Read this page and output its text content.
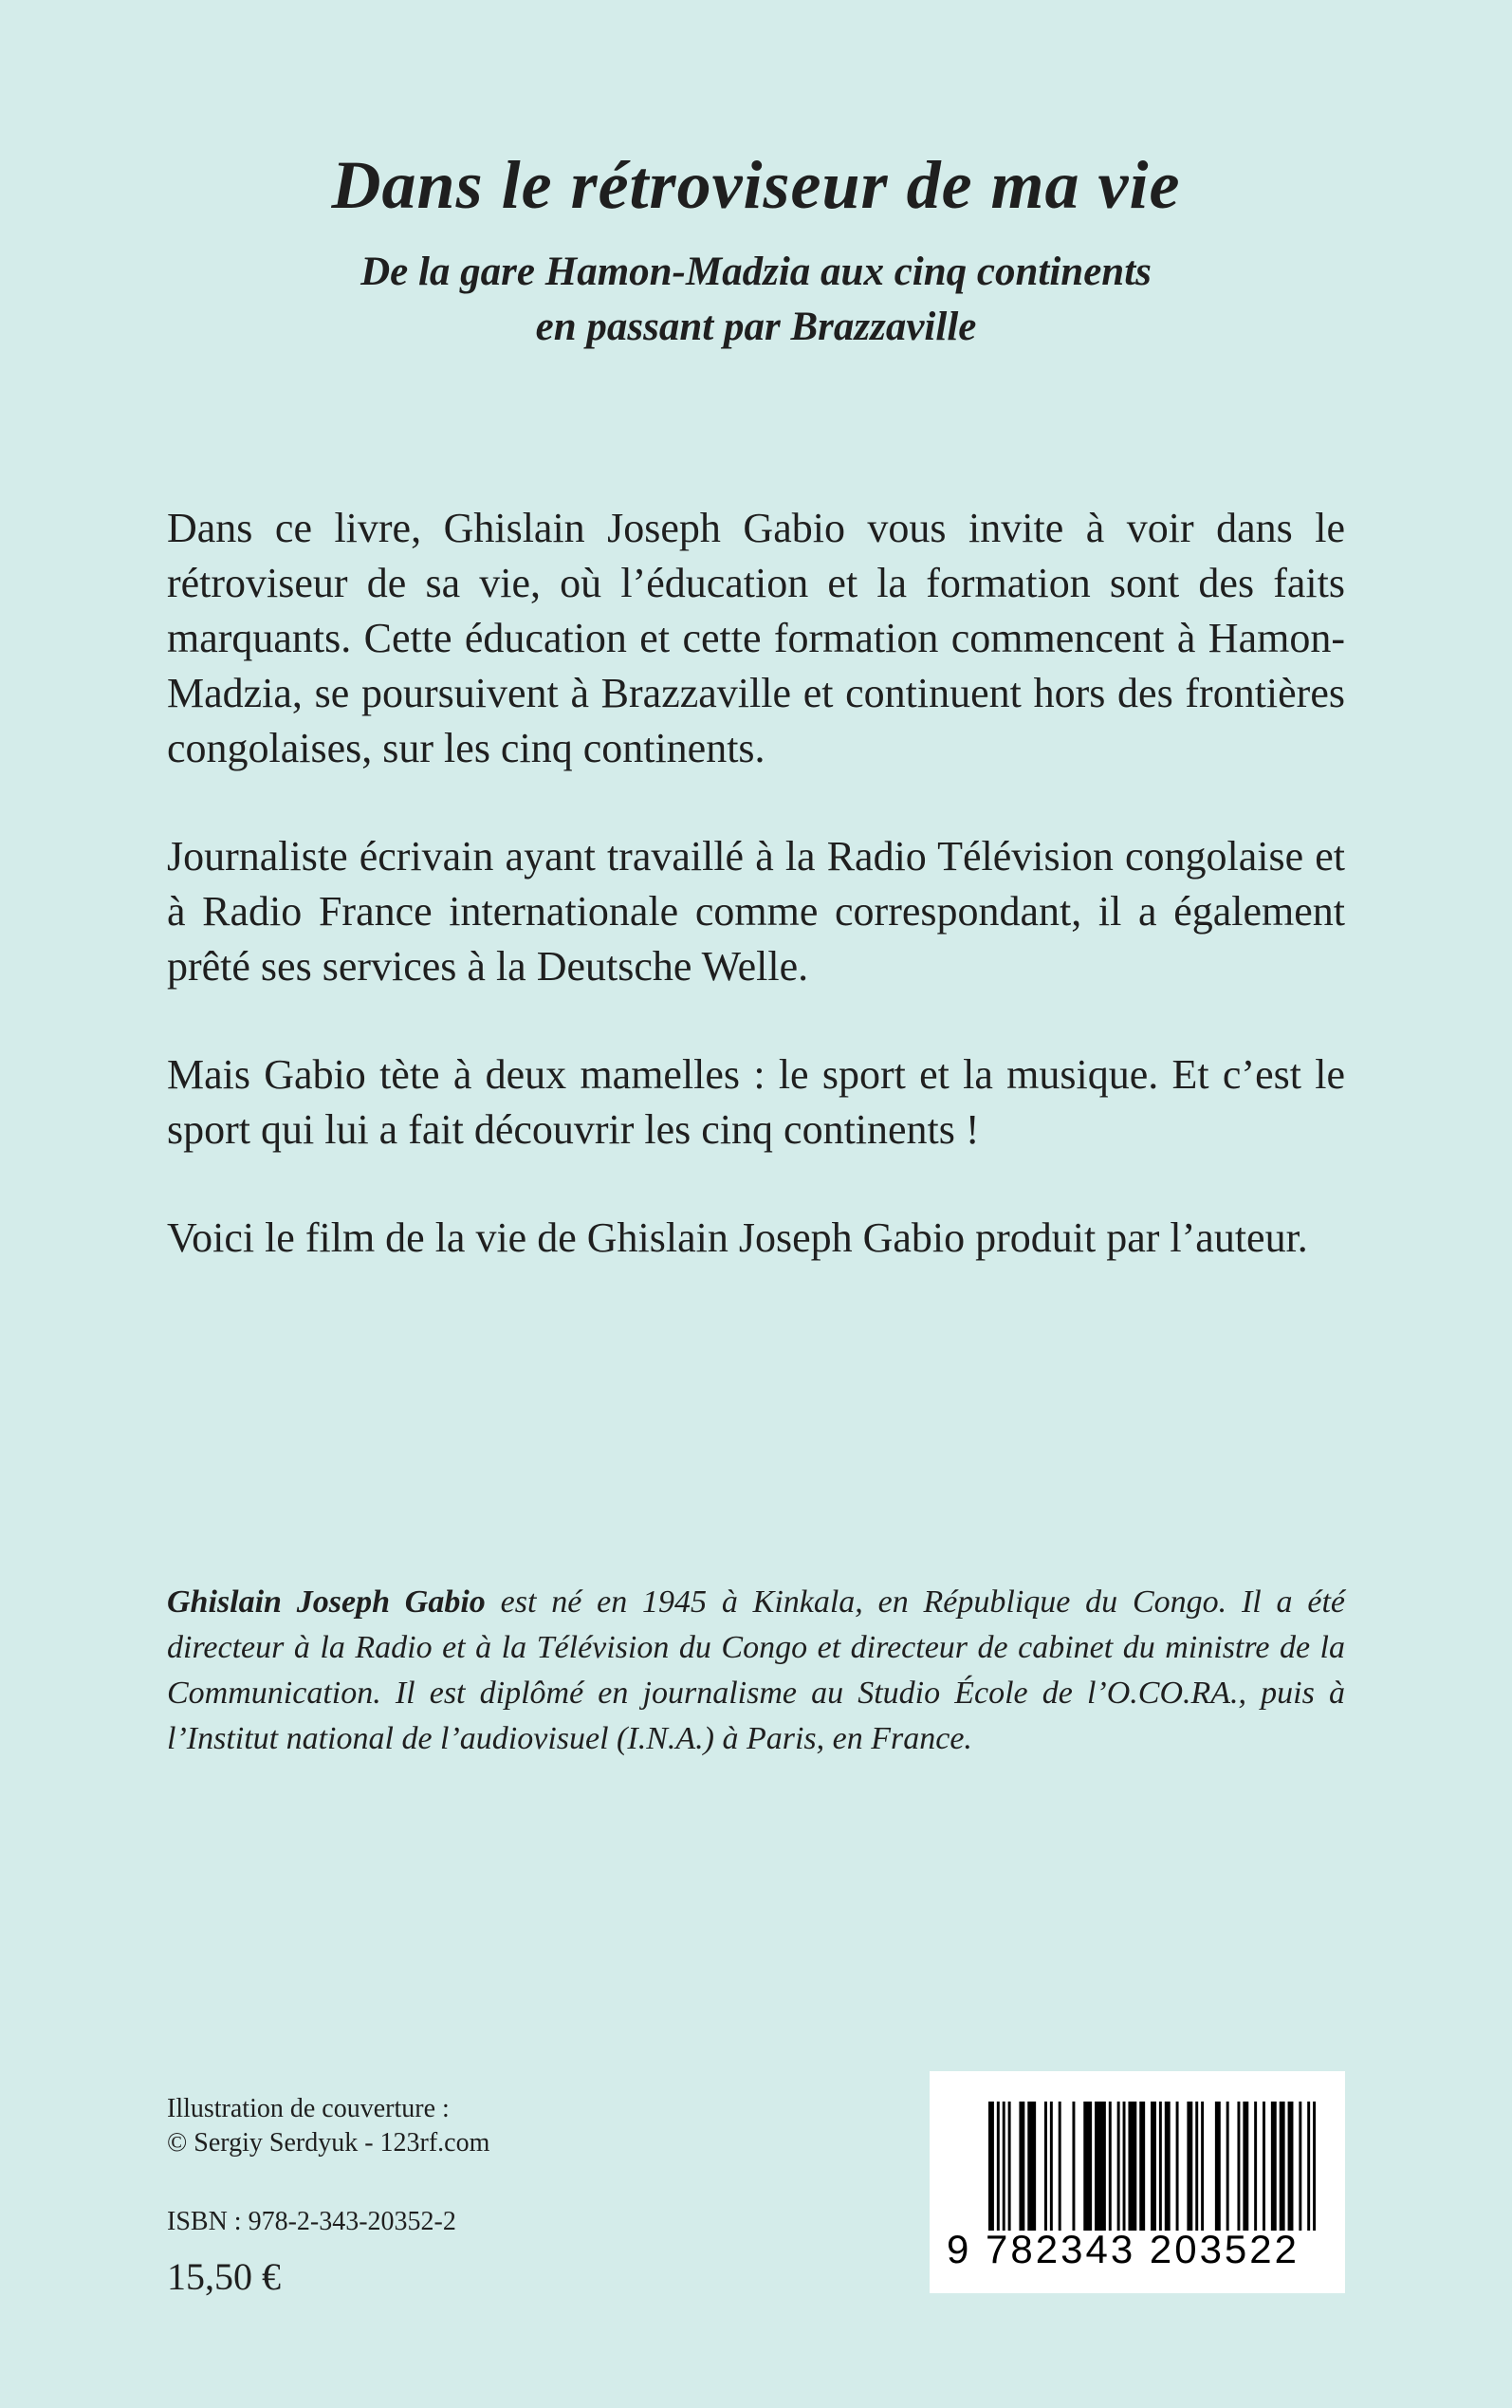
Dans le rétroviseur de ma vie
De la gare Hamon-Madzia aux cinq continents
en passant par Brazzaville

Dans ce livre, Ghislain Joseph Gabio vous invite à voir dans le rétroviseur de sa vie, où l’éducation et la formation sont des faits marquants. Cette éducation et cette formation commencent à Hamon-Madzia, se poursuivent à Brazzaville et continuent hors des frontières congolaises, sur les cinq continents.

Journaliste écrivain ayant travaillé à la Radio Télévision congolaise et à Radio France internationale comme correspondant, il a également prêté ses services à la Deutsche Welle.

Mais Gabio tète à deux mamelles : le sport et la musique. Et c’est le sport qui lui a fait découvrir les cinq continents !

Voici le film de la vie de Ghislain Joseph Gabio produit par l’auteur.

Ghislain Joseph Gabio est né en 1945 à Kinkala, en République du Congo. Il a été directeur à la Radio et à la Télévision du Congo et directeur de cabinet du ministre de la Communication. Il est diplômé en journalisme au Studio École de l’O.CO.RA., puis à l’Institut national de l’audiovisuel (I.N.A.) à Paris, en France.

Illustration de couverture :
© Sergiy Serdyuk - 123rf.com
ISBN : 978-2-343-20352-2
15,50 €
9 782343 203522
